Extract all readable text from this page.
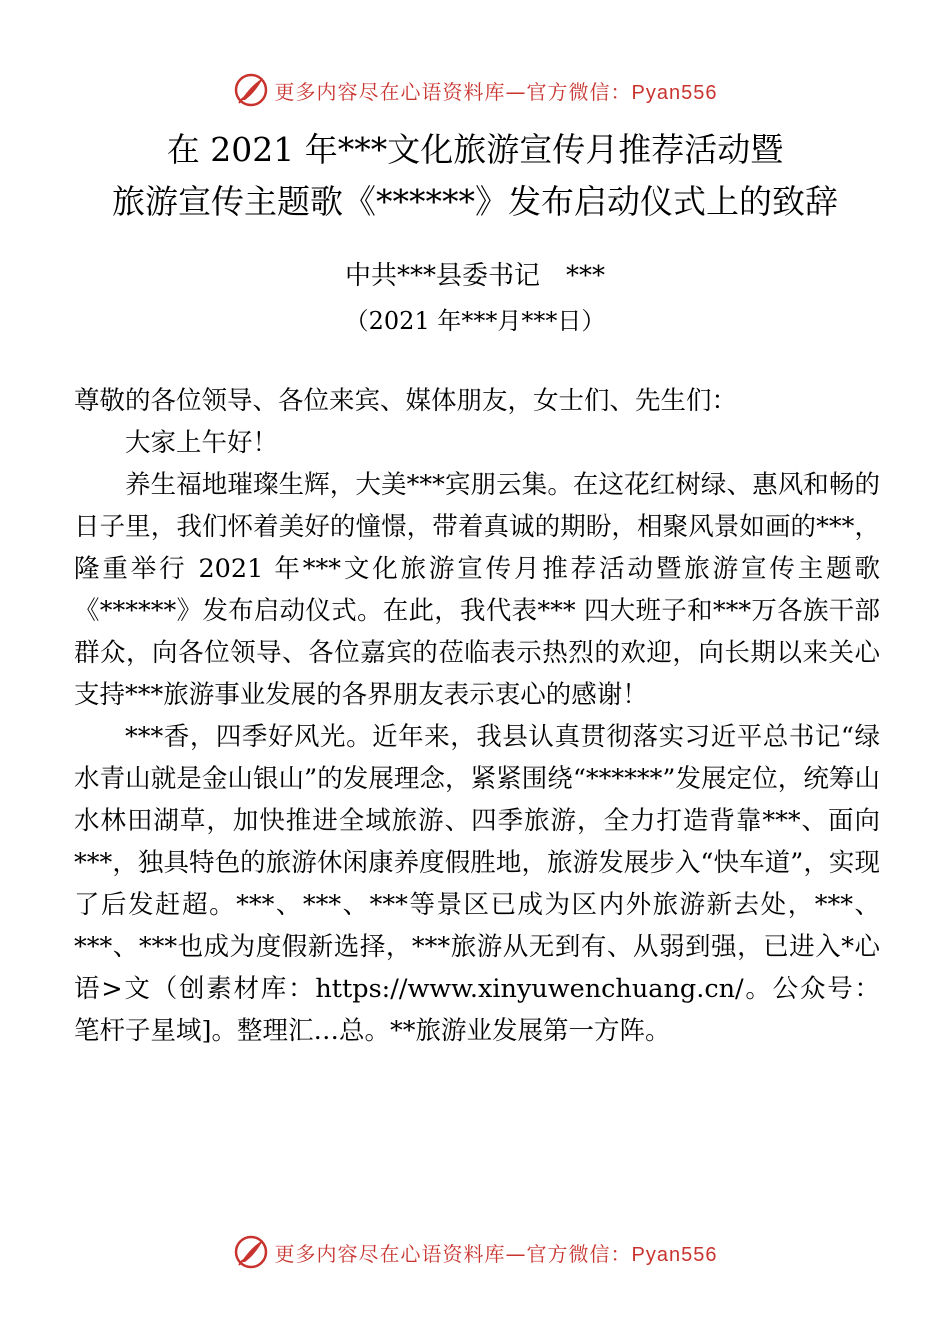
更多内容尽在心语资料库—官方微信：Pyan556
在 2021 年***文化旅游宣传月推荐活动暨
旅游宣传主题歌《******》发布启动仪式上的致辞
中共***县委书记　***
（2021 年***月***日）

尊敬的各位领导、各位来宾、媒体朋友，女士们、先生们：

大家上午好！

养生福地璀璨生辉，大美***宾朋云集。在这花红树绿、惠风和畅的日子里，我们怀着美好的憧憬，带着真诚的期盼，相聚风景如画的***，隆重举行 2021 年***文化旅游宣传月推荐活动暨旅游宣传主题歌《******》发布启动仪式。在此，我代表*** 四大班子和***万各族干部群众，向各位领导、各位嘉宾的莅临表示热烈的欢迎，向长期以来关心支持***旅游事业发展的各界朋友表示衷心的感谢！

***香，四季好风光。近年来，我县认真贯彻落实习近平总书记“绿水青山就是金山银山”的发展理念，紧紧围绕“******”发展定位，统筹山水林田湖草，加快推进全域旅游、四季旅游，全力打造背靠***、面向***，独具特色的旅游休闲康养度假胜地，旅游发展步入“快车道”，实现了后发赶超。***、***、***等景区已成为区内外旅游新去处，***、***、***也成为度假新选择，***旅游从无到有、从弱到强，已进入*心语>文（创素材库：https://www.xinyuwenchuang.cn/。公众号：笔杆子星域]。整理汇…总。**旅游业发展第一方阵。

更多内容尽在心语资料库—官方微信：Pyan556
